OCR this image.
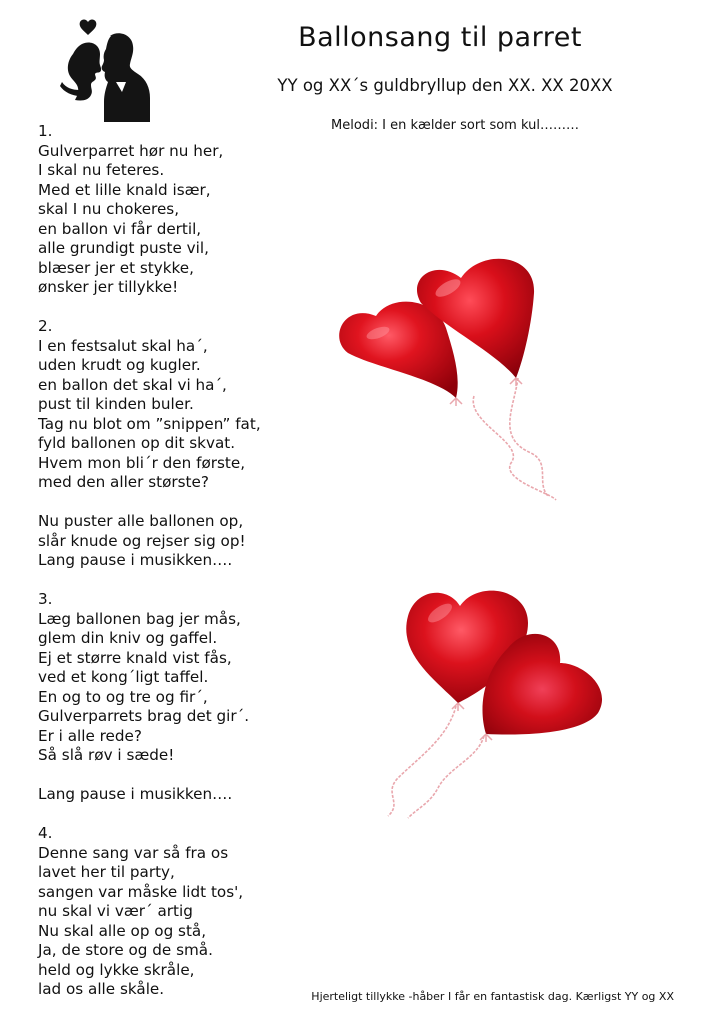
Ballonsang til parret

YY og XX´s guldbryllup den XX. XX 20XX

Melodi: I en kælder sort som kul………

1.
Gulverparret hør nu her,
I skal nu feteres.
Med et lille knald især,
skal I nu chokeres,
en ballon vi får dertil,
alle grundigt puste vil,
blæser jer et stykke,
ønsker jer tillykke!
2.
I en festsalut skal ha´,
uden krudt og kugler.
en ballon det skal vi ha´,
pust til kinden buler.
Tag nu blot om ”snippen” fat,
fyld ballonen op dit skvat.
Hvem mon bli´r den første,
med den aller største?
Nu puster alle ballonen op,
slår knude og rejser sig op!
Lang pause i musikken….
3.
Læg ballonen bag jer mås,
glem din kniv og gaffel.
Ej et større knald vist fås,
ved et kong´ligt taffel.
En og to og tre og fir´,
Gulverparrets brag det gir´.
Er i alle rede?
Så slå røv i sæde!
Lang pause i musikken….
4.
Denne sang var så fra os
lavet her til party,
sangen var måske lidt tos',
nu skal vi vær´ artig
Nu skal alle op og stå,
Ja, de store og de små.
held og lykke skråle,
lad os alle skåle.	Hjerteligt tillykke -håber I får en fantastisk dag. Kærligst YY og XX
